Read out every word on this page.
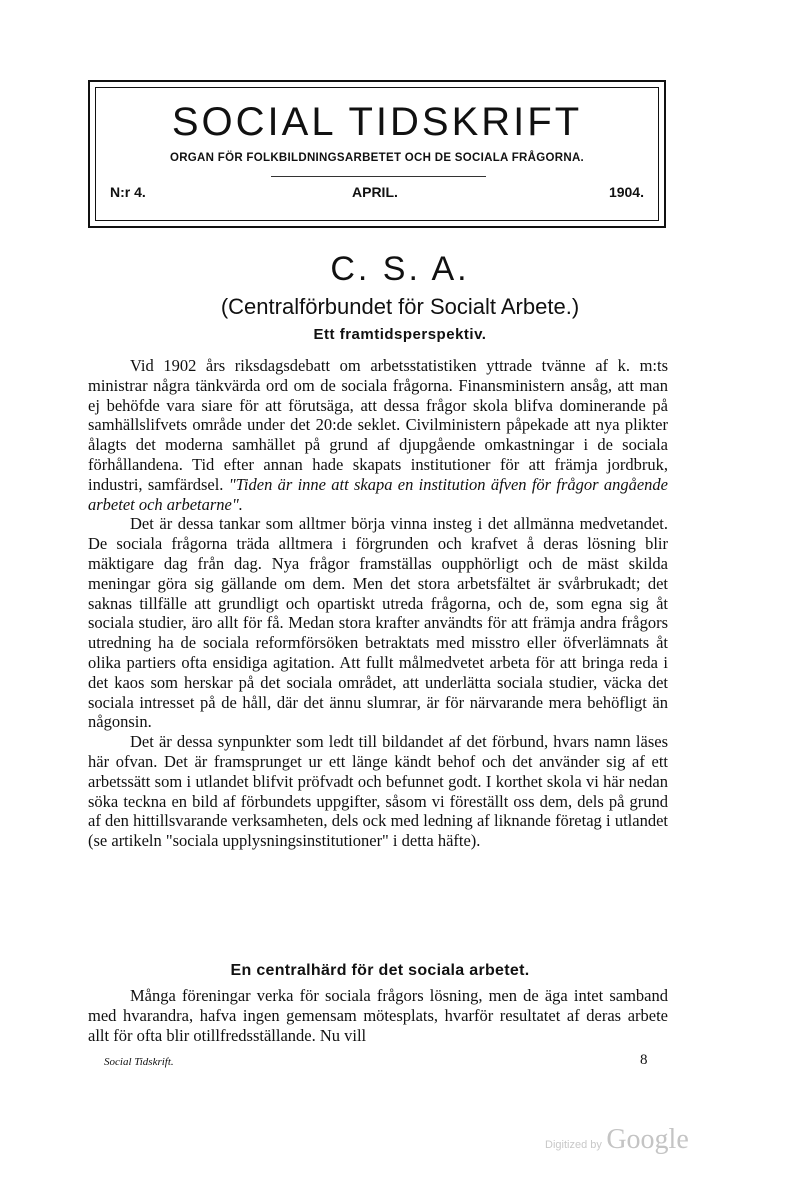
SOCIAL TIDSKRIFT
ORGAN FÖR FOLKBILDNINGSARBETET OCH DE SOCIALA FRÅGORNA.
N:r 4.	APRIL.	1904.
C. S. A.
(Centralförbundet för Socialt Arbete.)
Ett framtidsperspektiv.

Vid 1902 års riksdagsdebatt om arbetsstatistiken yttrade tvänne af k. m:ts ministrar några tänkvärda ord om de sociala frågorna. Finansministern ansåg, att man ej behöfde vara siare för att förutsäga, att dessa frågor skola blifva dominerande på samhällslifvets område under det 20:de seklet. Civilministern påpekade att nya plikter ålagts det moderna samhället på grund af djupgående omkastningar i de sociala förhållandena. Tid efter annan hade skapats institutioner för att främja jordbruk, industri, samfärdsel. "Tiden är inne att skapa en institution äfven för frågor angående arbetet och arbetarne".

Det är dessa tankar som alltmer börja vinna insteg i det allmänna medvetandet. De sociala frågorna träda alltmera i förgrunden och krafvet å deras lösning blir mäktigare dag från dag. Nya frågor framställas oupphörligt och de mäst skilda meningar göra sig gällande om dem. Men det stora arbetsfältet är svårbrukadt; det saknas tillfälle att grundligt och opartiskt utreda frågorna, och de, som egna sig åt sociala studier, äro allt för få. Medan stora krafter användts för att främja andra frågors utredning ha de sociala reformförsöken betraktats med misstro eller öfverlämnats åt olika partiers ofta ensidiga agitation. Att fullt målmedvetet arbeta för att bringa reda i det kaos som herskar på det sociala området, att underlätta sociala studier, väcka det sociala intresset på de håll, där det ännu slumrar, är för närvarande mera behöfligt än någonsin.

Det är dessa synpunkter som ledt till bildandet af det förbund, hvars namn läses här ofvan. Det är framsprunget ur ett länge kändt behof och det använder sig af ett arbetssätt som i utlandet blifvit pröfvadt och befunnet godt. I korthet skola vi här nedan söka teckna en bild af förbundets uppgifter, såsom vi föreställt oss dem, dels på grund af den hittillsvarande verksamheten, dels ock med ledning af liknande företag i utlandet (se artikeln "sociala upplysningsinstitutioner" i detta häfte).

En centralhärd för det sociala arbetet.

Många föreningar verka för sociala frågors lösning, men de äga intet samband med hvarandra, hafva ingen gemensam mötesplats, hvarför resultatet af deras arbete allt för ofta blir otillfredsställande. Nu vill

Social Tidskrift.	8
Digitized by Google
